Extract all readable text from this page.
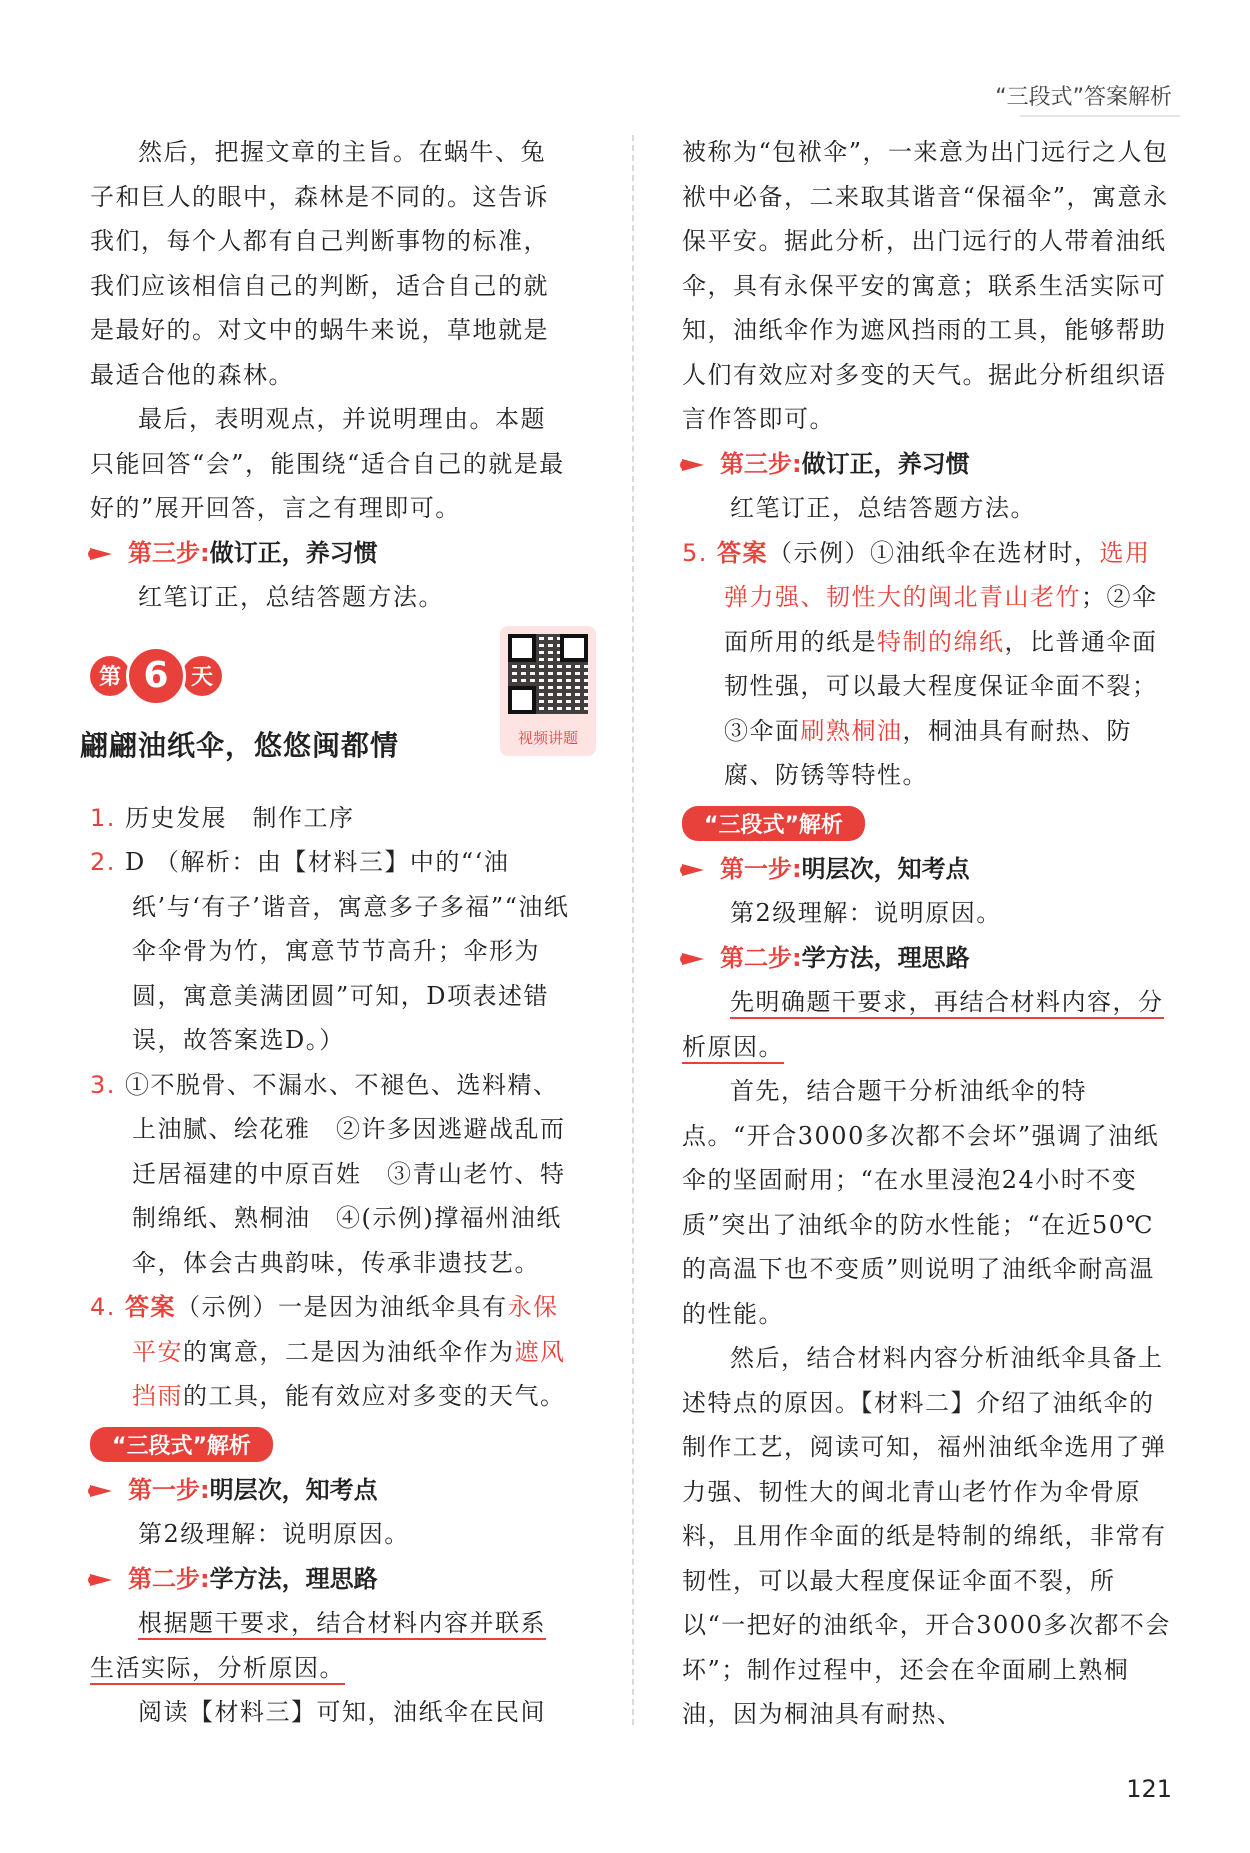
“三段式”答案解析

然后，把握文章的主旨。在蜗牛、兔子和巨人的眼中，森林是不同的。这告诉我们，每个人都有自己判断事物的标准，我们应该相信自己的判断，适合自己的就是最好的。对文中的蜗牛来说，草地就是最适合他的森林。

最后，表明观点，并说明理由。本题只能回答“会”，能围绕“适合自己的就是最好的”展开回答，言之有理即可。

第三步:做订正，养习惯

红笔订正，总结答题方法。

第 6	天
翩翩油纸伞，悠悠闽都情	视频讲题

1. 历史发展　制作工序

2. D （解析：由【材料三】中的“‘油纸’与‘有子’谐音，寓意多子多福”“油纸伞伞骨为竹，寓意节节高升；伞形为圆，寓意美满团圆”可知，D项表述错误，故答案选D。）

3. ①不脱骨、不漏水、不褪色、选料精、上油腻、绘花雅　②许多因逃避战乱而迁居福建的中原百姓　③青山老竹、特制绵纸、熟桐油　④(示例)撑福州油纸伞，体会古典韵味，传承非遗技艺。

4. 答案（示例）一是因为油纸伞具有永保平安的寓意，二是因为油纸伞作为遮风挡雨的工具，能有效应对多变的天气。

“三段式”解析
第一步:明层次，知考点

第2级理解：说明原因。

第二步:学方法，理思路

根据题干要求，结合材料内容并联系生活实际，分析原因。

阅读【材料三】可知，油纸伞在民间

被称为“包袱伞”，一来意为出门远行之人包袱中必备，二来取其谐音“保福伞”，寓意永保平安。据此分析，出门远行的人带着油纸伞，具有永保平安的寓意；联系生活实际可知，油纸伞作为遮风挡雨的工具，能够帮助人们有效应对多变的天气。据此分析组织语言作答即可。

第三步:做订正，养习惯

红笔订正，总结答题方法。

5. 答案（示例）①油纸伞在选材时，选用弹力强、韧性大的闽北青山老竹；②伞面所用的纸是特制的绵纸，比普通伞面韧性强，可以最大程度保证伞面不裂；③伞面刷熟桐油，桐油具有耐热、防腐、防锈等特性。

“三段式”解析
第一步:明层次，知考点

第2级理解：说明原因。

第二步:学方法，理思路

先明确题干要求，再结合材料内容，分析原因。

首先，结合题干分析油纸伞的特点。“开合3000多次都不会坏”强调了油纸伞的坚固耐用；“在水里浸泡24小时不变质”突出了油纸伞的防水性能；“在近50℃的高温下也不变质”则说明了油纸伞耐高温的性能。

然后，结合材料内容分析油纸伞具备上述特点的原因。【材料二】介绍了油纸伞的制作工艺，阅读可知，福州油纸伞选用了弹力强、韧性大的闽北青山老竹作为伞骨原料，且用作伞面的纸是特制的绵纸，非常有韧性，可以最大程度保证伞面不裂，所以“一把好的油纸伞，开合3000多次都不会坏”；制作过程中，还会在伞面刷上熟桐油，因为桐油具有耐热、

121
